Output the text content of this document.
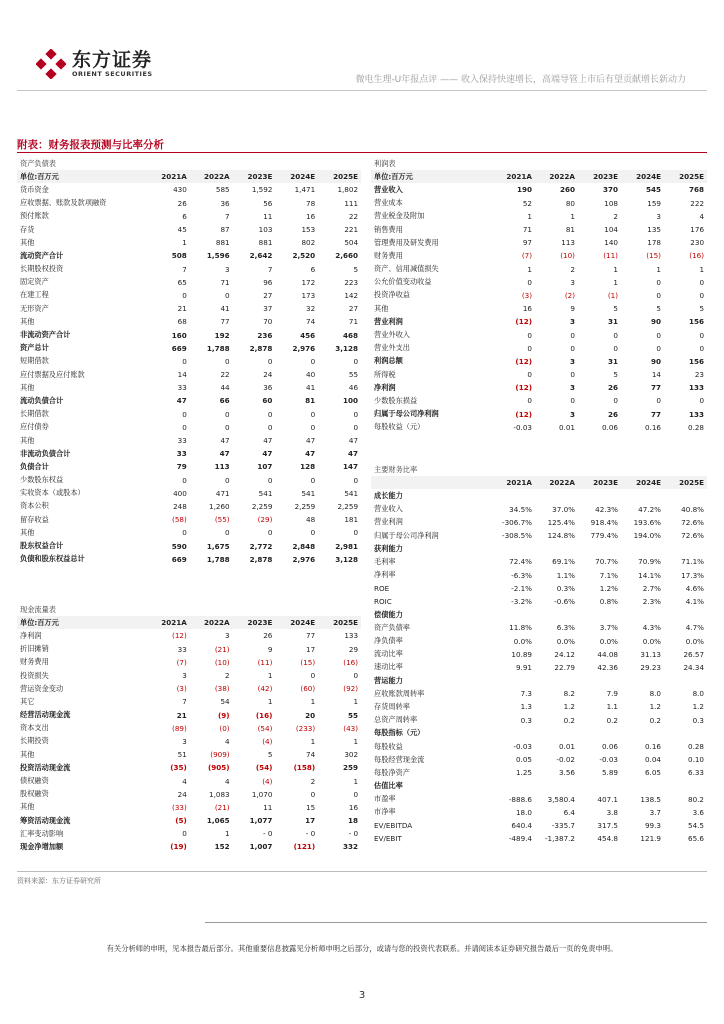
东方证券
ORIENT SECURITIES
微电生理-U年报点评 —— 收入保持快速增长，高端导管上市后有望贡献增长新动力
附表：财务报表预测与比率分析
资产负债表					
单位:百万元	2021A	2022A	2023E	2024E	2025E
货币资金	430	585	1,592	1,471	1,802
应收票据、账款及款项融资	26	36	56	78	111
预付账款	6	7	11	16	22
存货	45	87	103	153	221
其他	1	881	881	802	504
流动资产合计	508	1,596	2,642	2,520	2,660
长期股权投资	7	3	7	6	5
固定资产	65	71	96	172	223
在建工程	0	0	27	173	142
无形资产	21	41	37	32	27
其他	68	77	70	74	71
非流动资产合计	160	192	236	456	468
资产总计	669	1,788	2,878	2,976	3,128
短期借款	0	0	0	0	0
应付票据及应付账款	14	22	24	40	55
其他	33	44	36	41	46
流动负债合计	47	66	60	81	100
长期借款	0	0	0	0	0
应付债券	0	0	0	0	0
其他	33	47	47	47	47
非流动负债合计	33	47	47	47	47
负债合计	79	113	107	128	147
少数股东权益	0	0	0	0	0
实收资本（或股本）	400	471	541	541	541
资本公积	248	1,260	2,259	2,259	2,259
留存收益	(58)	(55)	(29)	48	181
其他	0	0	0	0	0
股东权益合计	590	1,675	2,772	2,848	2,981
负债和股东权益总计	669	1,788	2,878	2,976	3,128
现金流量表					
单位:百万元	2021A	2022A	2023E	2024E	2025E
净利润	(12)	3	26	77	133
折旧摊销	33	(21)	9	17	29
财务费用	(7)	(10)	(11)	(15)	(16)
投资损失	3	2	1	0	0
营运资金变动	(3)	(38)	(42)	(60)	(92)
其它	7	54	1	1	1
经营活动现金流	21	(9)	(16)	20	55
资本支出	(89)	(0)	(54)	(233)	(43)
长期投资	3	4	(4)	1	1
其他	51	(909)	5	74	302
投资活动现金流	(35)	(905)	(54)	(158)	259
债权融资	4	4	(4)	2	1
股权融资	24	1,083	1,070	0	0
其他	(33)	(21)	11	15	16
筹资活动现金流	(5)	1,065	1,077	17	18
汇率变动影响	0	1	- 0	- 0	- 0
现金净增加额	(19)	152	1,007	(121)	332
利润表					
单位:百万元	2021A	2022A	2023E	2024E	2025E
营业收入	190	260	370	545	768
营业成本	52	80	108	159	222
营业税金及附加	1	1	2	3	4
销售费用	71	81	104	135	176
管理费用及研发费用	97	113	140	178	230
财务费用	(7)	(10)	(11)	(15)	(16)
资产、信用减值损失	1	2	1	1	1
公允价值变动收益	0	3	1	0	0
投资净收益	(3)	(2)	(1)	0	0
其他	16	9	5	5	5
营业利润	(12)	3	31	90	156
营业外收入	0	0	0	0	0
营业外支出	0	0	0	0	0
利润总额	(12)	3	31	90	156
所得税	0	0	5	14	23
净利润	(12)	3	26	77	133
少数股东损益	0	0	0	0	0
归属于母公司净利润	(12)	3	26	77	133
每股收益（元）	-0.03	0.01	0.06	0.16	0.28
主要财务比率					
	2021A	2022A	2023E	2024E	2025E
成长能力					
营业收入	34.5%	37.0%	42.3%	47.2%	40.8%
营业利润	-306.7%	125.4%	918.4%	193.6%	72.6%
归属于母公司净利润	-308.5%	124.8%	779.4%	194.0%	72.6%
获利能力					
毛利率	72.4%	69.1%	70.7%	70.9%	71.1%
净利率	-6.3%	1.1%	7.1%	14.1%	17.3%
ROE	-2.1%	0.3%	1.2%	2.7%	4.6%
ROIC	-3.2%	-0.6%	0.8%	2.3%	4.1%
偿债能力					
资产负债率	11.8%	6.3%	3.7%	4.3%	4.7%
净负债率	0.0%	0.0%	0.0%	0.0%	0.0%
流动比率	10.89	24.12	44.08	31.13	26.57
速动比率	9.91	22.79	42.36	29.23	24.34
营运能力					
应收账款周转率	7.3	8.2	7.9	8.0	8.0
存货周转率	1.3	1.2	1.1	1.2	1.2
总资产周转率	0.3	0.2	0.2	0.2	0.3
每股指标（元）					
每股收益	-0.03	0.01	0.06	0.16	0.28
每股经营现金流	0.05	-0.02	-0.03	0.04	0.10
每股净资产	1.25	3.56	5.89	6.05	6.33
估值比率					
市盈率	-888.6	3,580.4	407.1	138.5	80.2
市净率	18.0	6.4	3.8	3.7	3.6
EV/EBITDA	640.4	-335.7	317.5	99.3	54.5
EV/EBIT	-489.4	-1,387.2	454.8	121.9	65.6
资料来源：东方证券研究所
有关分析师的申明，见本报告最后部分。其他重要信息披露见分析师申明之后部分，或请与您的投资代表联系。并请阅读本证券研究报告最后一页的免责申明。
3
